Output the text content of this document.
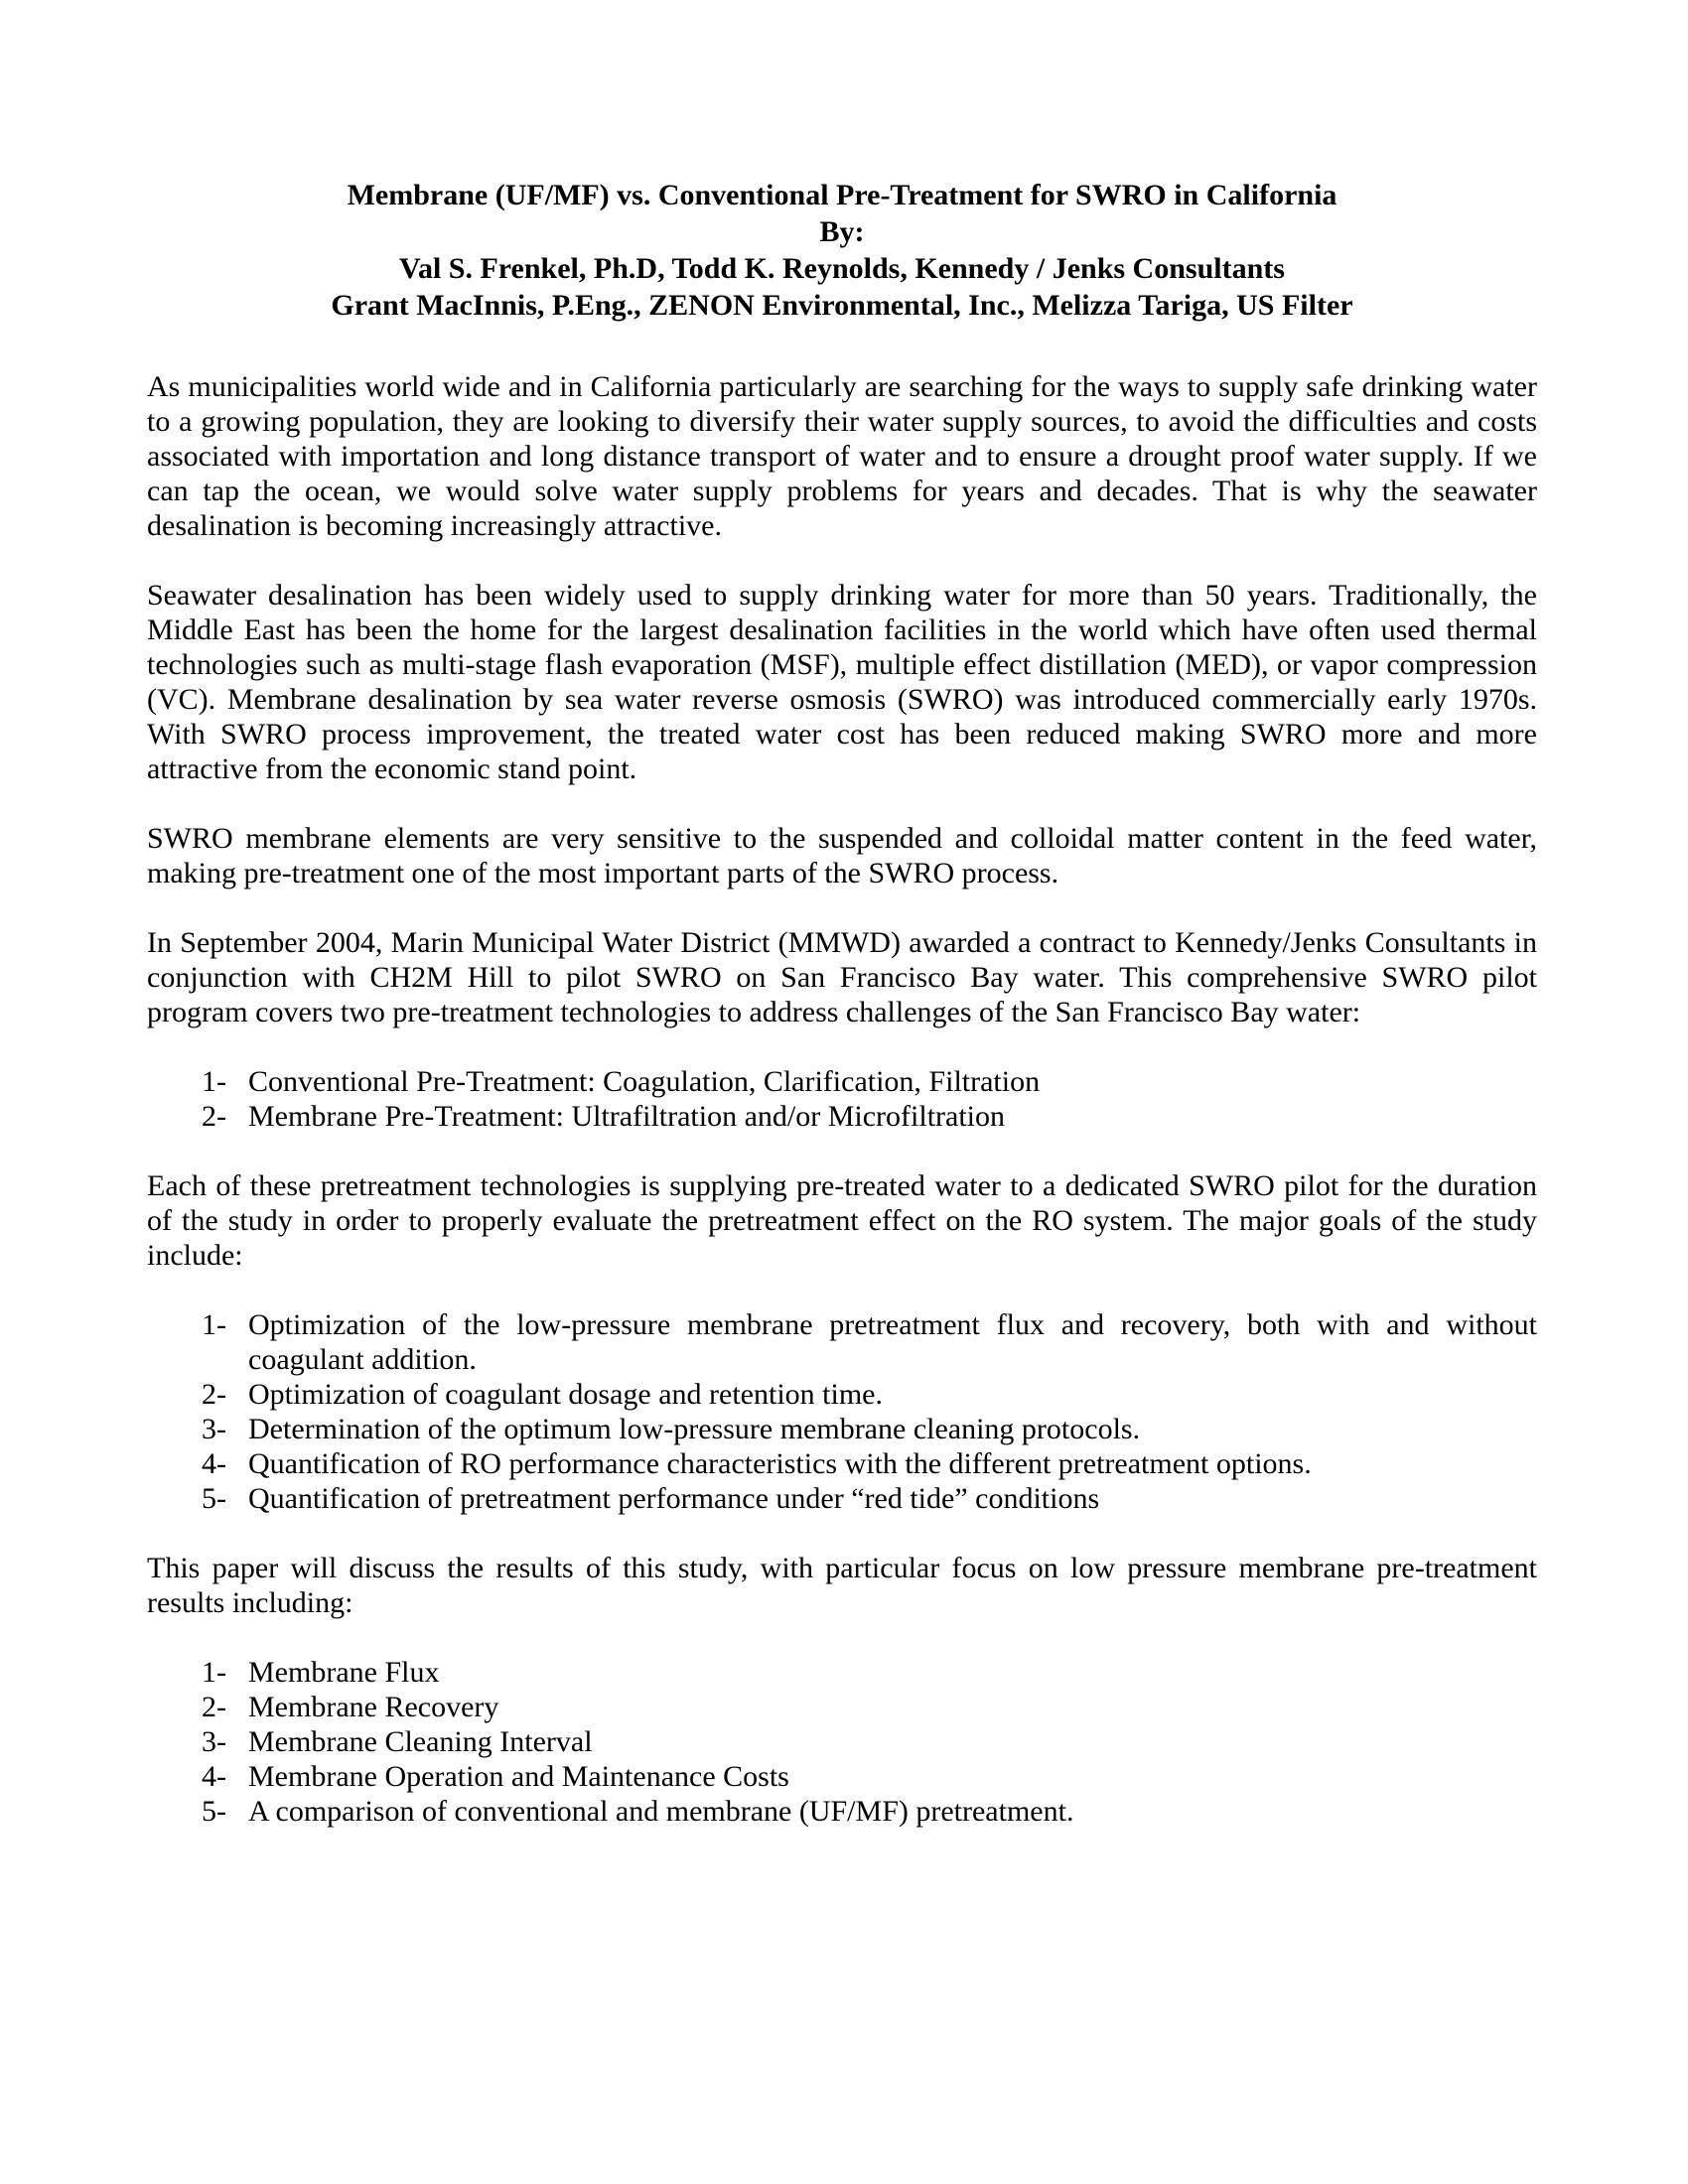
Membrane (UF/MF) vs. Conventional Pre-Treatment for SWRO in California
By:
Val S. Frenkel, Ph.D, Todd K. Reynolds, Kennedy / Jenks Consultants
Grant MacInnis, P.Eng., ZENON Environmental, Inc., Melizza Tariga, US Filter

As municipalities world wide and in California particularly are searching for the ways to supply safe drinking water to a growing population, they are looking to diversify their water supply sources, to avoid the difficulties and costs associated with importation and long distance transport of water and to ensure a drought proof water supply. If we can tap the ocean, we would solve water supply problems for years and decades. That is why the seawater desalination is becoming increasingly attractive.

Seawater desalination has been widely used to supply drinking water for more than 50 years. Traditionally, the Middle East has been the home for the largest desalination facilities in the world which have often used thermal technologies such as multi-stage flash evaporation (MSF), multiple effect distillation (MED), or vapor compression (VC). Membrane desalination by sea water reverse osmosis (SWRO) was introduced commercially early 1970s. With SWRO process improvement, the treated water cost has been reduced making SWRO more and more attractive from the economic stand point.

SWRO membrane elements are very sensitive to the suspended and colloidal matter content in the feed water, making pre-treatment one of the most important parts of the SWRO process.

In September 2004, Marin Municipal Water District (MMWD) awarded a contract to Kennedy/Jenks Consultants in conjunction with CH2M Hill to pilot SWRO on San Francisco Bay water. This comprehensive SWRO pilot program covers two pre-treatment technologies to address challenges of the San Francisco Bay water:

1- Conventional Pre-Treatment: Coagulation, Clarification, Filtration
2- Membrane Pre-Treatment: Ultrafiltration and/or Microfiltration

Each of these pretreatment technologies is supplying pre-treated water to a dedicated SWRO pilot for the duration of the study in order to properly evaluate the pretreatment effect on the RO system. The major goals of the study include:

1- Optimization of the low-pressure membrane pretreatment flux and recovery, both with and without coagulant addition.
2- Optimization of coagulant dosage and retention time.
3- Determination of the optimum low-pressure membrane cleaning protocols.
4- Quantification of RO performance characteristics with the different pretreatment options.
5- Quantification of pretreatment performance under “red tide” conditions

This paper will discuss the results of this study, with particular focus on low pressure membrane pre-treatment results including:

1- Membrane Flux
2- Membrane Recovery
3- Membrane Cleaning Interval
4- Membrane Operation and Maintenance Costs
5- A comparison of conventional and membrane (UF/MF) pretreatment.
